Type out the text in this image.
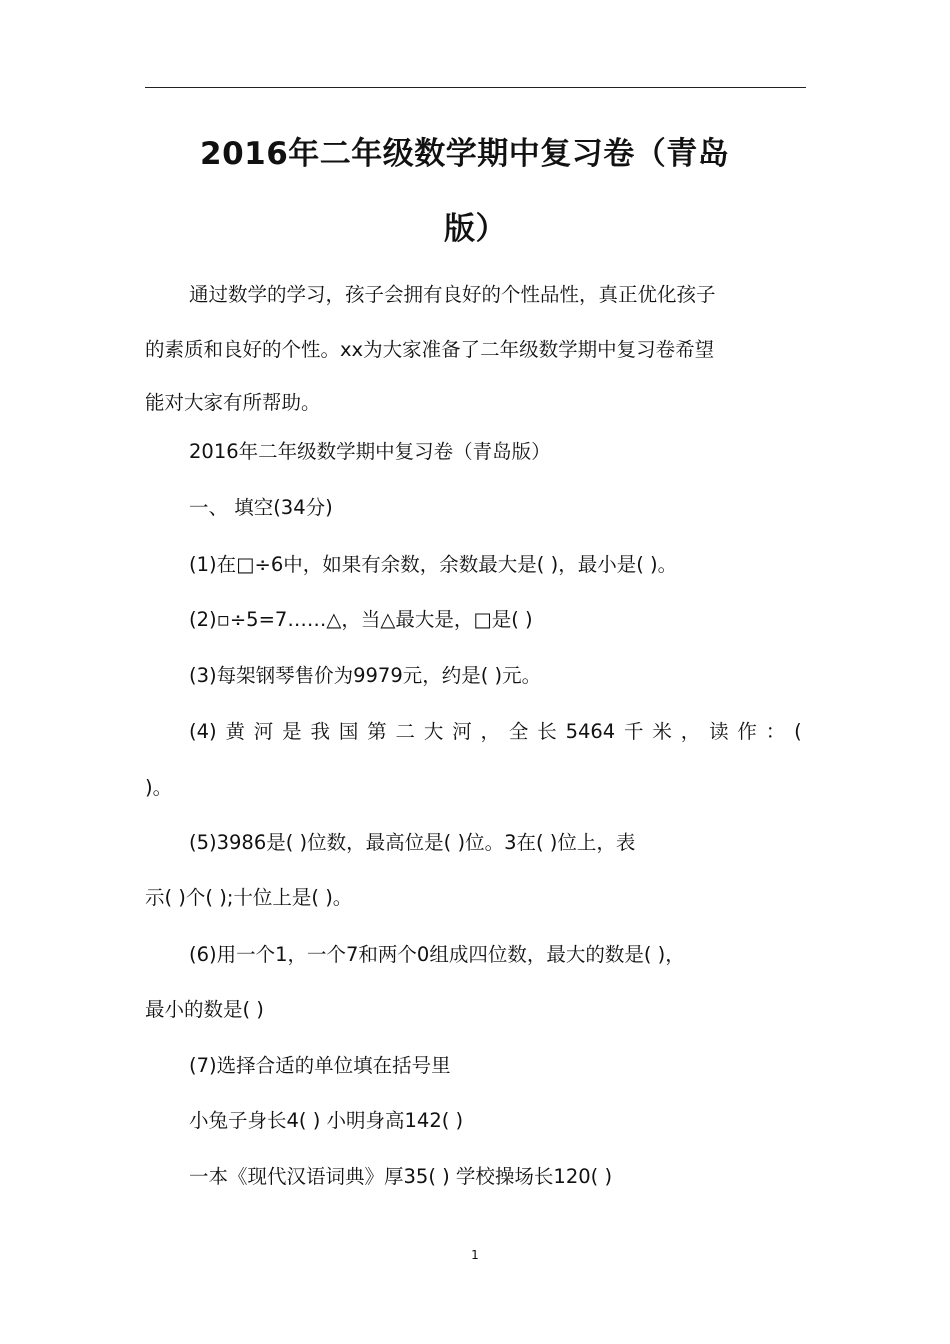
2016年二年级数学期中复习卷（青岛
版）
通过数学的学习，孩子会拥有良好的个性品性，真正优化孩子
的素质和良好的个性。xx为大家准备了二年级数学期中复习卷希望
能对大家有所帮助。
2016年二年级数学期中复习卷（青岛版）
一、 填空(34分)
(1)在□÷6中，如果有余数，余数最大是( )，最小是( )。
(2)▫÷5=7……△，当△最大是，□是( )
(3)每架钢琴售价为9979元，约是( )元。
(4) 黄 河 是 我 国 第 二 大 河 ， 全 长 5464 千 米 ， 读 作 ： (
)。
(5)3986是( )位数，最高位是( )位。3在( )位上，表
示( )个( );十位上是( )。
(6)用一个1，一个7和两个0组成四位数，最大的数是( )，
最小的数是( )
(7)选择合适的单位填在括号里
小兔子身长4( ) 小明身高142( )
一本《现代汉语词典》厚35( ) 学校操场长120( )
1
